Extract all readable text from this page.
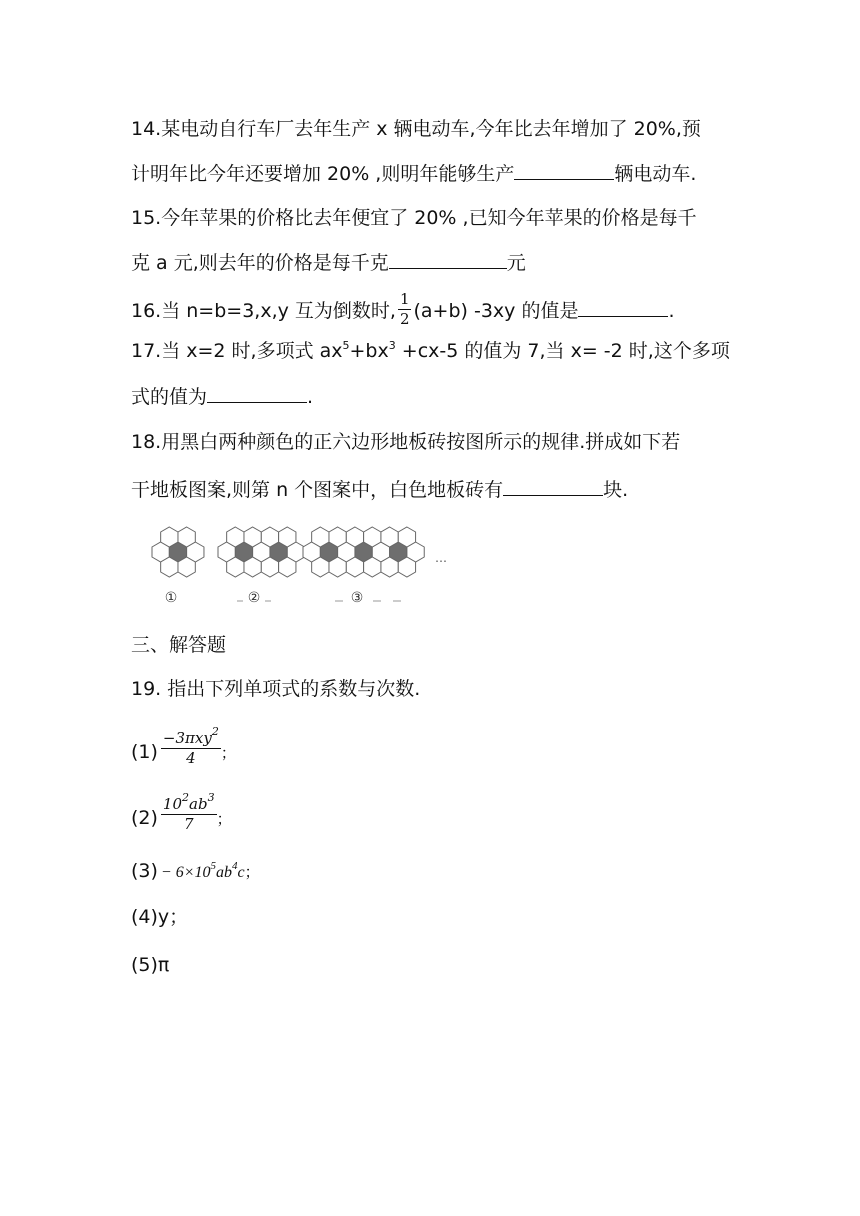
14.某电动自行车厂去年生产 x 辆电动车,今年比去年增加了 20%,预
计明年比今年还要增加 20% ,则明年能够生产	辆电动车.
15.今年苹果的价格比去年便宜了 20% ,已知今年苹果的价格是每千
克 a 元,则去年的价格是每千克	元
16.当 n=b=3,x,y 互为倒数时, $\frac{1}{2} (a+b)$ -3xy 的值是	.
17.当 x=2 时,多项式 $ax^5+bx^3 +cx-5$ 的值为 7,当 x= -2 时,这个多项
式的值为	.
18.用黑白两种颜色的正六边形地板砖按图所示的规律.拼成如下若
干地板图案,则第 n 个图案中，白色地板砖有	块.
①	②	③
…
三、解答题
19. 指出下列单项式的系数与次数.
$(1) \frac{-3\pi xy^2}{4}$ ；
$(2) \frac{10^2ab^3}{7}$ ；
$(3) - 6\times 10^5ab^4c$；
(4)y；
(5)π
